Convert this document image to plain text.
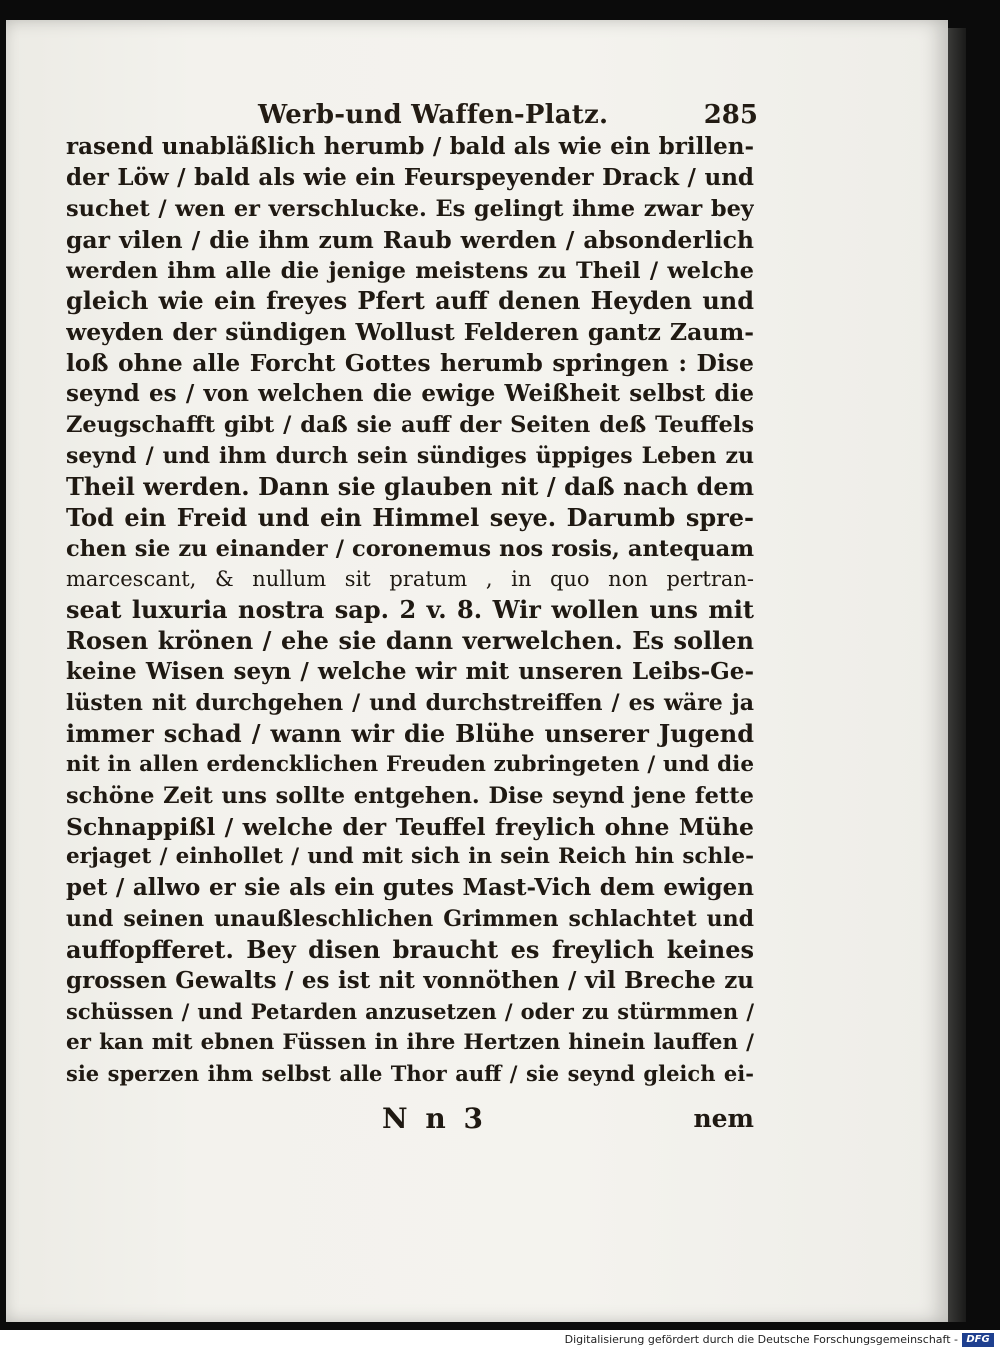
Werb-und Waffen-Platz.	285
rasend unabläßlich herumb / bald als wie ein brillen-
der Löw / bald als wie ein Feurspeyender Drack / und
suchet / wen er verschlucke. Es gelingt ihme zwar bey
gar vilen / die ihm zum Raub werden / absonderlich
werden ihm alle die jenige meistens zu Theil / welche
gleich wie ein freyes Pfert auff denen Heyden und
weyden der sündigen Wollust Felderen gantz Zaum-
loß ohne alle Forcht Gottes herumb springen : Dise
seynd es / von welchen die ewige Weißheit selbst die
Zeugschafft gibt / daß sie auff der Seiten deß Teuffels
seynd / und ihm durch sein sündiges üppiges Leben zu
Theil werden. Dann sie glauben nit / daß nach dem
Tod ein Freid und ein Himmel seye. Darumb spre-
chen sie zu einander / coronemus nos rosis, antequam
marcescant, & nullum sit pratum , in quo non pertran-
seat luxuria nostra sap. 2 v. 8. Wir wollen uns mit
Rosen krönen / ehe sie dann verwelchen. Es sollen
keine Wisen seyn / welche wir mit unseren Leibs-Ge-
lüsten nit durchgehen / und durchstreiffen / es wäre ja
immer schad / wann wir die Blühe unserer Jugend
nit in allen erdencklichen Freuden zubringeten / und die
schöne Zeit uns sollte entgehen. Dise seynd jene fette
Schnappißl / welche der Teuffel freylich ohne Mühe
erjaget / einhollet / und mit sich in sein Reich hin schle-
pet / allwo er sie als ein gutes Mast-Vich dem ewigen
und seinen unaußleschlichen Grimmen schlachtet und
auffopfferet. Bey disen braucht es freylich keines
grossen Gewalts / es ist nit vonnöthen / vil Breche zu
schüssen / und Petarden anzusetzen / oder zu stürmmen /
er kan mit ebnen Füssen in ihre Hertzen hinein lauffen /
sie sperzen ihm selbst alle Thor auff / sie seynd gleich ei-
N n 3	nem
Digitalisierung gefördert durch die Deutsche Forschungsgemeinschaft - DFG
